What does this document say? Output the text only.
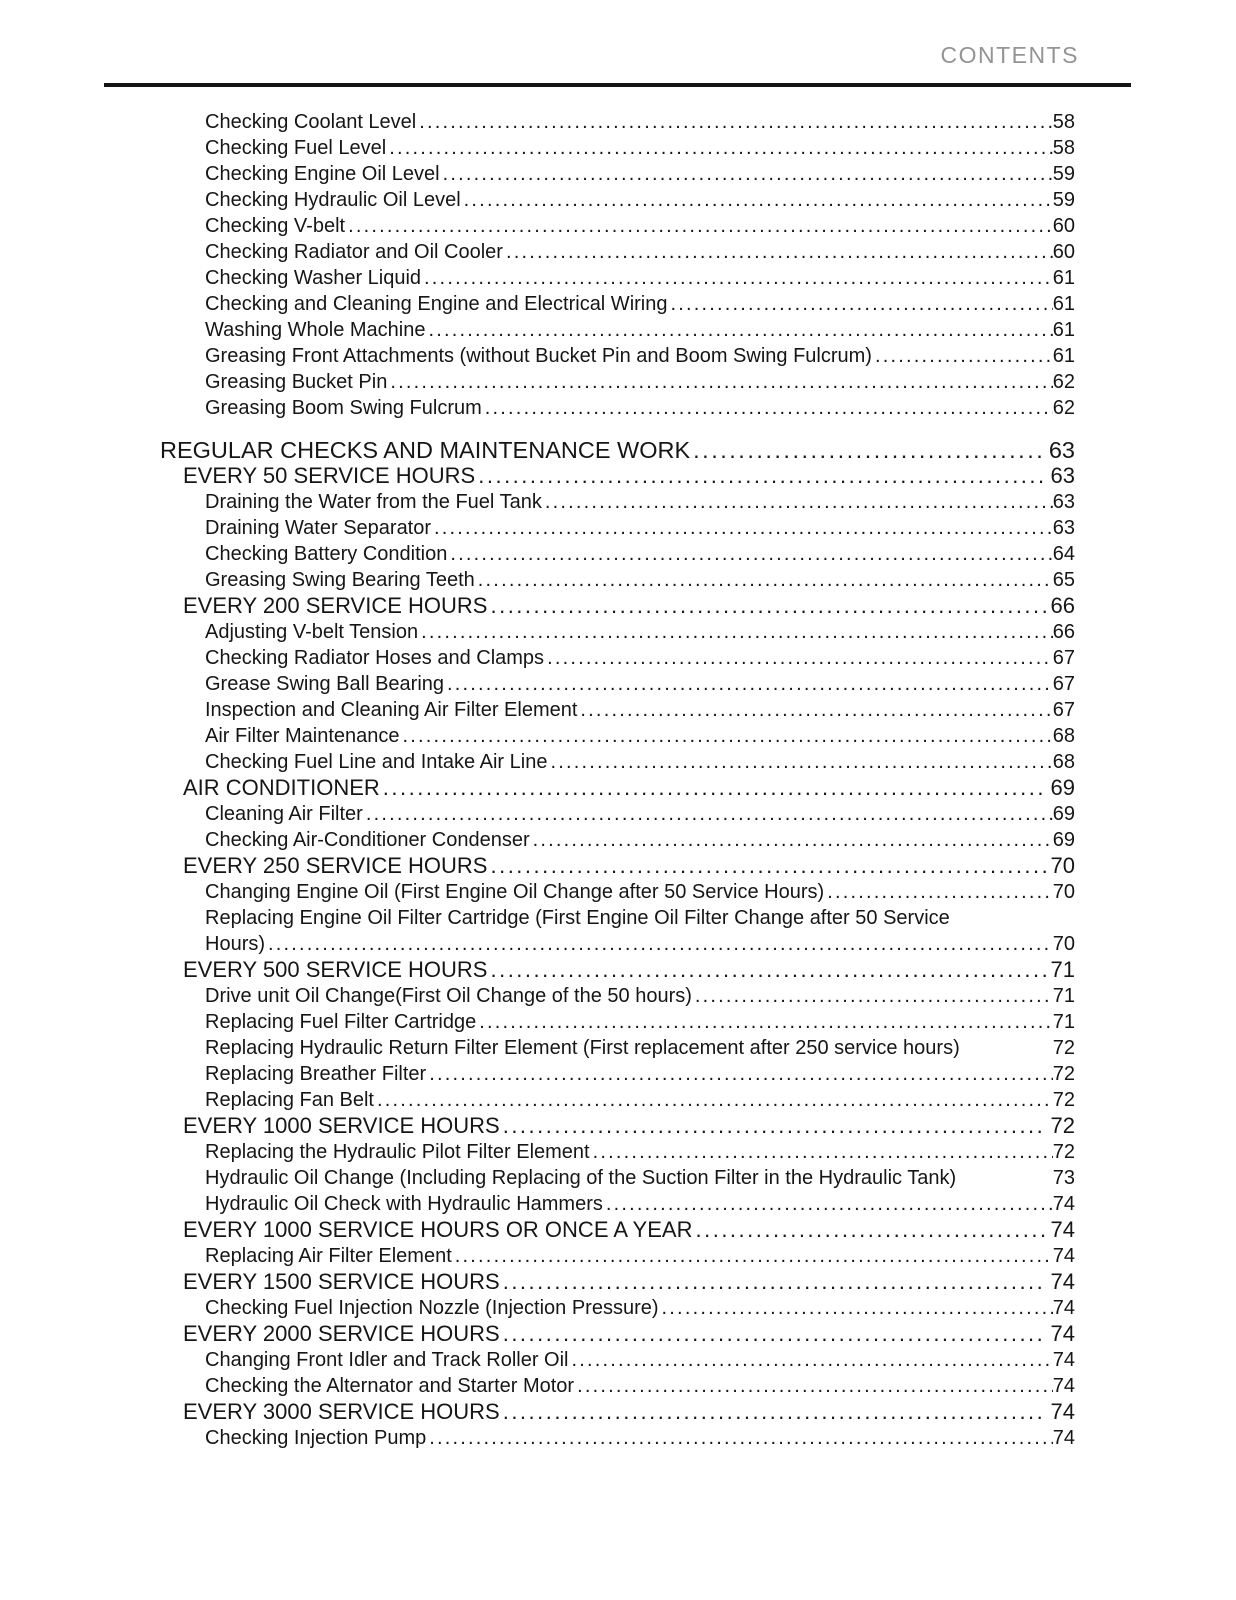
CONTENTS
Checking Coolant Level .....	58
Checking Fuel Level .....	58
Checking Engine Oil Level .....	59
Checking Hydraulic Oil Level .....	59
Checking V-belt .....	60
Checking Radiator and Oil Cooler .....	60
Checking Washer Liquid .....	61
Checking and Cleaning Engine and Electrical Wiring .....	61
Washing Whole Machine .....	61
Greasing Front Attachments (without Bucket Pin and Boom Swing Fulcrum) .....	61
Greasing Bucket Pin .....	62
Greasing Boom Swing Fulcrum .....	62
REGULAR CHECKS AND MAINTENANCE WORK .....	63
EVERY 50 SERVICE HOURS .....	63
Draining the Water from the Fuel Tank .....	63
Draining Water Separator .....	63
Checking Battery Condition .....	64
Greasing Swing Bearing Teeth .....	65
EVERY 200 SERVICE HOURS .....	66
Adjusting V-belt Tension .....	66
Checking Radiator Hoses and Clamps .....	67
Grease Swing Ball Bearing .....	67
Inspection and Cleaning Air Filter Element .....	67
Air Filter Maintenance .....	68
Checking Fuel Line and Intake Air Line .....	68
AIR CONDITIONER .....	69
Cleaning Air Filter .....	69
Checking Air-Conditioner Condenser .....	69
EVERY 250 SERVICE HOURS .....	70
Changing Engine Oil (First Engine Oil Change after 50 Service Hours) .....	70
Replacing Engine Oil Filter Cartridge (First Engine Oil Filter Change after 50 Service
Hours) .....	70
EVERY 500 SERVICE HOURS .....	71
Drive unit Oil Change(First Oil Change of the 50 hours) .....	71
Replacing Fuel Filter Cartridge .....	71
Replacing Hydraulic Return Filter Element (First replacement after 250 service hours)	72
Replacing Breather Filter .....	72
Replacing Fan Belt .....	72
EVERY 1000 SERVICE HOURS .....	72
Replacing the Hydraulic Pilot Filter Element .....	72
Hydraulic Oil Change (Including Replacing of the Suction Filter in the Hydraulic Tank)	73
Hydraulic Oil Check with Hydraulic Hammers .....	74
EVERY 1000 SERVICE HOURS OR ONCE A YEAR .....	74
Replacing Air Filter Element .....	74
EVERY 1500 SERVICE HOURS .....	74
Checking Fuel Injection Nozzle (Injection Pressure) .....	74
EVERY 2000 SERVICE HOURS .....	74
Changing Front Idler and Track Roller Oil .....	74
Checking the Alternator and Starter Motor .....	74
EVERY 3000 SERVICE HOURS .....	74
Checking Injection Pump .....	74
